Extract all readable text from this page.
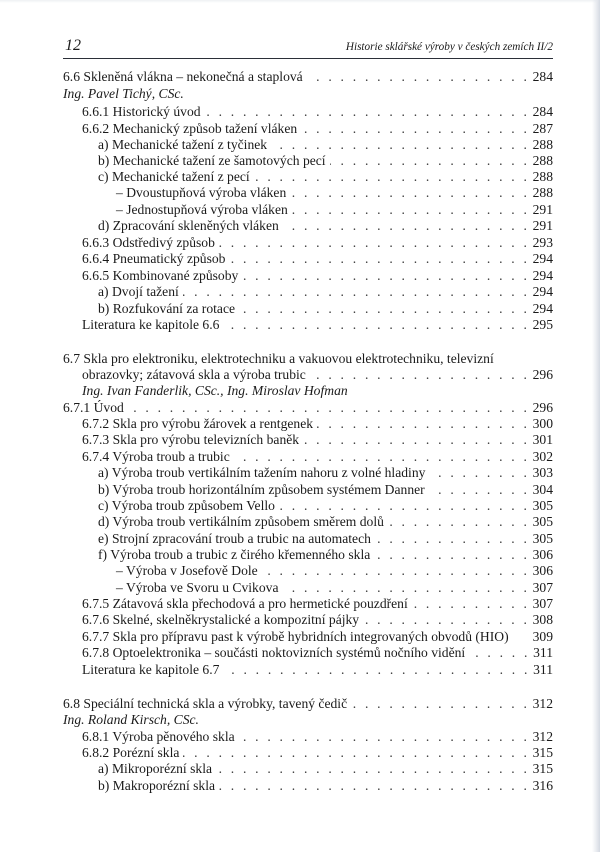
12	Historie sklářské výroby v českých zemích II/2
6.6 Skleněná vlákna – nekonečná a staplová . . .	284
Ing. Pavel Tichý, CSc.
6.6.1 Historický úvod . . .	284
6.6.2 Mechanický způsob tažení vláken . . .	287
a) Mechanické tažení z tyčinek . . .	288
b) Mechanické tažení ze šamotových pecí . . .	288
c) Mechanické tažení z pecí . . .	288
– Dvoustupňová výroba vláken . . .	288
– Jednostupňová výroba vláken . . .	291
d) Zpracování skleněných vláken . . .	291
6.6.3 Odstředivý způsob . . .	293
6.6.4 Pneumatický způsob . . .	294
6.6.5 Kombinované způsoby . . .	294
a) Dvojí tažení . . .	294
b) Rozfukování za rotace . . .	294
Literatura ke kapitole 6.6 . . .	295
6.7 Skla pro elektroniku, elektrotechniku a vakuovou elektrotechniku, televizní
obrazovky; zátavová skla a výroba trubic . . .	296
Ing. Ivan Fanderlik, CSc., Ing. Miroslav Hofman
6.7.1 Úvod . . .	296
6.7.2 Skla pro výrobu žárovek a rentgenek . . .	300
6.7.3 Skla pro výrobu televizních baněk . . .	301
6.7.4 Výroba troub a trubic . . .	302
a) Výroba troub vertikálním tažením nahoru z volné hladiny . . .	303
b) Výroba troub horizontálním způsobem systémem Danner . . .	304
c) Výroba troub způsobem Vello . . .	305
d) Výroba troub vertikálním způsobem směrem dolů . . .	305
e) Strojní zpracování troub a trubic na automatech . . .	305
f) Výroba troub a trubic z čirého křemenného skla . . .	306
– Výroba v Josefově Dole . . .	306
– Výroba ve Svoru u Cvikova . . .	307
6.7.5 Zátavová skla přechodová a pro hermetické pouzdření . . .	307
6.7.6 Skelné, skelněkrystalické a kompozitní pájky . . .	308
6.7.7 Skla pro přípravu past k výrobě hybridních integrovaných obvodů (HIO) 309
6.7.8 Optoelektronika – součásti noktovizních systémů nočního vidění . . .	311
Literatura ke kapitole 6.7 . . .	311
6.8 Speciální technická skla a výrobky, tavený čedič . . .	312
Ing. Roland Kirsch, CSc.
6.8.1 Výroba pěnového skla . . .	312
6.8.2 Porézní skla . . .	315
a) Mikroporézní skla . . .	315
b) Makroporézní skla . . .	316
